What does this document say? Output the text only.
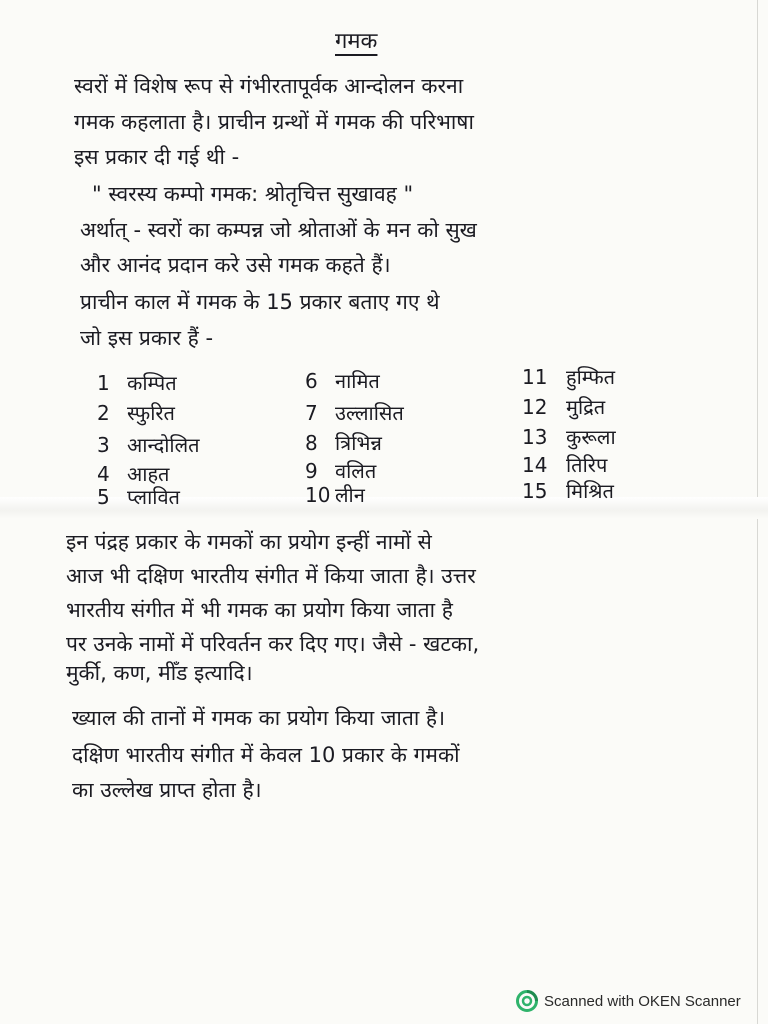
गमक
स्वरों में विशेष रूप से गंभीरतापूर्वक आन्दोलन करना
गमक कहलाता है। प्राचीन ग्रन्थों में गमक की परिभाषा
इस प्रकार दी गई थी -
" स्वरस्य कम्पो गमक: श्रोतृचित्त सुखावह "
अर्थात् - स्वरों का कम्पन्न जो श्रोताओं के मन को सुख
और आनंद प्रदान करे उसे गमक कहते हैं।
प्राचीन काल में गमक के 15 प्रकार बताए गए थे
जो इस प्रकार हैं -
1 कम्पित
2 स्फुरित
3 आन्दोलित
4 आहत
5 प्लावित
6 नामित
7 उल्लासित
8 त्रिभिन्न
9 वलित
10 लीन
11 हुम्फित
12 मुद्रित
13 कुरूला
14 तिरिप
15 मिश्रित
इन पंद्रह प्रकार के गमकों का प्रयोग इन्हीं नामों से
आज भी दक्षिण भारतीय संगीत में किया जाता है। उत्तर
भारतीय संगीत में भी गमक का प्रयोग किया जाता है
पर उनके नामों में परिवर्तन कर दिए गए। जैसे - खटका,
मुर्की, कण, मीँड इत्यादि।
ख्याल की तानों में गमक का प्रयोग किया जाता है।
दक्षिण भारतीय संगीत में केवल 10 प्रकार के गमकों
का उल्लेख प्राप्त होता है।
Scanned with OKEN Scanner
